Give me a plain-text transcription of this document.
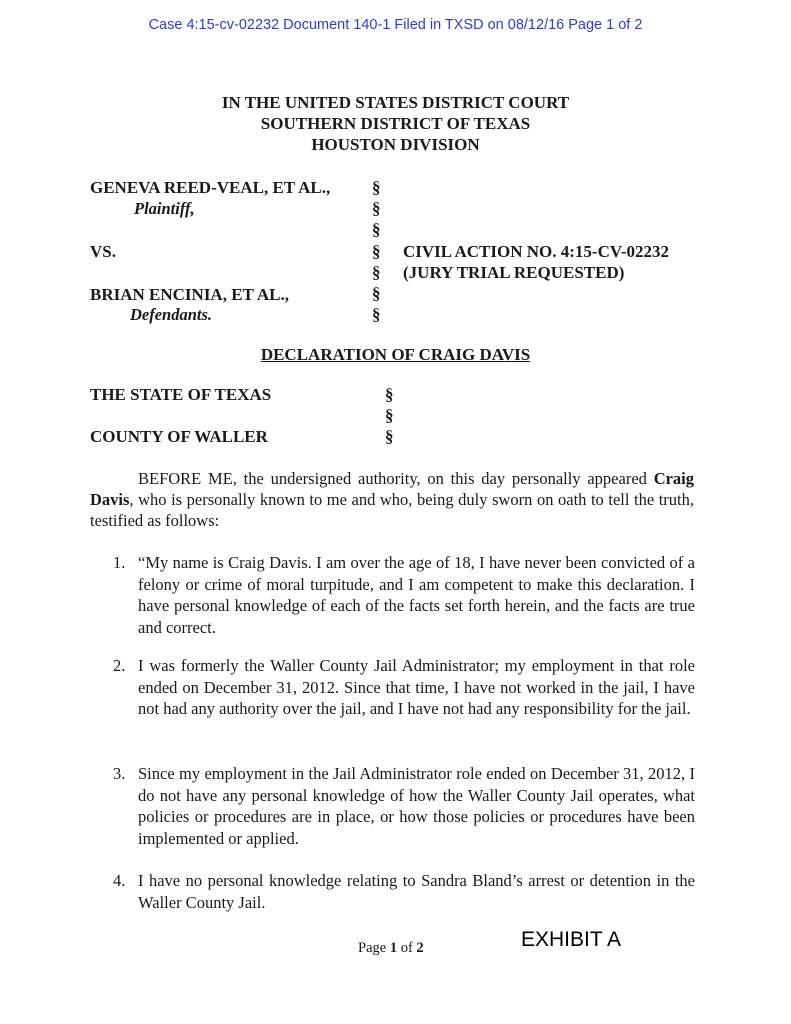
Case 4:15-cv-02232 Document 140-1 Filed in TXSD on 08/12/16 Page 1 of 2
IN THE UNITED STATES DISTRICT COURT
SOUTHERN DISTRICT OF TEXAS
HOUSTON DIVISION
GENEVA REED-VEAL, ET AL.,
Plaintiff,
VS.
BRIAN ENCINIA, ET AL.,
Defendants.
§
§
§
§
§
§
§
CIVIL ACTION NO. 4:15-CV-02232
(JURY TRIAL REQUESTED)
DECLARATION OF CRAIG DAVIS
THE STATE OF TEXAS
COUNTY OF WALLER
§
§
§
BEFORE ME, the undersigned authority, on this day personally appeared Craig Davis, who is personally known to me and who, being duly sworn on oath to tell the truth, testified as follows:
1. “My name is Craig Davis. I am over the age of 18, I have never been convicted of a felony or crime of moral turpitude, and I am competent to make this declaration. I have personal knowledge of each of the facts set forth herein, and the facts are true and correct.
2. I was formerly the Waller County Jail Administrator; my employment in that role ended on December 31, 2012. Since that time, I have not worked in the jail, I have not had any authority over the jail, and I have not had any responsibility for the jail.
3. Since my employment in the Jail Administrator role ended on December 31, 2012, I do not have any personal knowledge of how the Waller County Jail operates, what policies or procedures are in place, or how those policies or procedures have been implemented or applied.
4. I have no personal knowledge relating to Sandra Bland’s arrest or detention in the Waller County Jail.
Page 1 of 2	EXHIBIT A
